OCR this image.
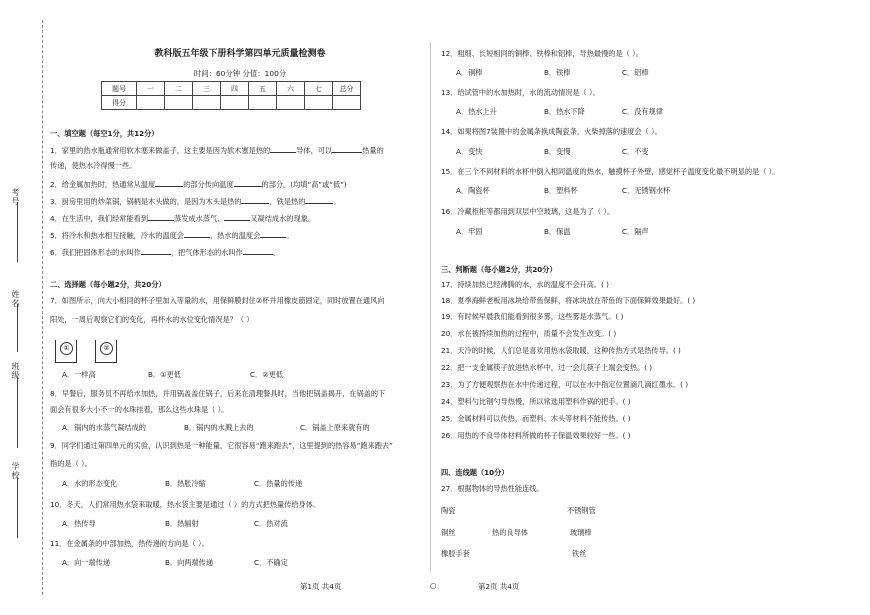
考号
姓名
班级
学校
教科版五年级下册科学第四单元质量检测卷
时间：60分钟 分值：100分
题号	一	二	三	四	五	六	七	总分
得分								
一、填空题（每空1分，共12分）
1．家里的热水瓶通常用软木塞来做盖子，这主要是因为软木塞是热的	导体，可以	热量的
传递，使热水冷得慢一些。
2．给金属加热时，热通常从温度	的部分传向温度	的部分。(均填“高”或“低”)
3．厨房里用的炒菜锅，锅柄是木头做的，是因为木头是热的	，铁是热的	。
4．在生活中，我们经常能看到	蒸发成水蒸气、	又凝结成水的现象。
5．将冷水和热水相互接触，冷水的温度会	，热水的温度会	。
6．我们把固体形态的水叫作	，把气体形态的水叫作	。
二、选择题（每小题2分，共20分）
7．如图所示，向大小相同的杯子里加入等量的水，用保鲜膜封住②杯并用橡皮筋固定，同时放置在通风向
阳处，一周后观察它们的变化，再杯水的水位变化情况是？（ ）
①	②
A．一样高	B．①更低	C．②更低
8．早餐后，服务员不再给水加热，并用锅盖盖住锅子，后来在清理餐具时，当他把锅盖揭开，在锅盖的下
面会有很多大小不一的水珠挂着，那么这些水珠是（ ）。
A．锅内的水蒸气凝结成的	B．锅内的水溅上去的	C．锅盖上原来就有的
9．同学们通过第四单元的实验，认识到热是一种能量，它很容易“跑来跑去”，这里提到的热容易“跑来跑去”
指的是（ ）。
A．水的形态变化	B．热胀冷缩	C．热量的传递
10．冬天，人们常用热水袋来取暖，热水袋主要是通过（ ）的方式把热量传给身体。
A．热传导	B．热辐射	C．热对流
11．在金属条的中部加热，热传递的方向是（ ）。
A．向一端传递	B．向两端传递	C．不确定
12．粗细、长短相同的铜棒、铁棒和铝棒，导热最慢的是（ ）。
A．铜棒	B．铁棒	C．铝棒
13．给试管中的水加热时，水的流动情况是（ ）。
A．热水上升	B．热水下降	C．没有规律
14．如果将图7装置中的金属条换成陶瓷条，火柴掉落的速度会（ ）。
A．变快	B．变慢	C．不变
15．在三个不同材料的水杯中倒入相同温度的热水，触摸杯子外壁，感觉杯子温度变化最不明显的是（ ）。
A．陶瓷杯	B．塑料杯	C．无锈钢水杯
16．冷藏柜柜等都用到双层中空玻璃，这是为了（ ）。
A．牢固	B．保温	C．隔声
三、判断题（每小题2分，共20分）
17．持续加热已经沸腾的水，水的温度不会升高。( )
18．夏季海鲜老板用冰块给带鱼保鲜，将冰块放在带鱼的下面保鲜效果最好。( )
19．有时候早晨我们能看到很多雾，这些雾是水蒸气。( )
20．水在被持续加热的过程中，质量不会发生改变。( )
21．天冷的时候，人们总是喜欢用热水袋取暖，这种传热方式是热传导。( )
22．把一支金属筷子放进热水杯中，过一会儿筷子上端会变热。( )
23．为了方便观察热在水中传递过程，可以在水中指定位置滴几滴红墨水。( )
24．塑料勺比钢勺导热慢，所以常选用塑料作锅的把手。( )
25．金属材料可以传热，而塑料、木头等材料不能传热。( )
26．用热的不良导体材料所做的杯子保温效果较好一些。( )
四、连线题（10分）
27．根据物体的导热性能连线。
陶瓷	不锈钢管
铜丝	热的良导体	玻璃棒
橡胶手套	铁丝
第1页 共4页	○	第2页 共4页
